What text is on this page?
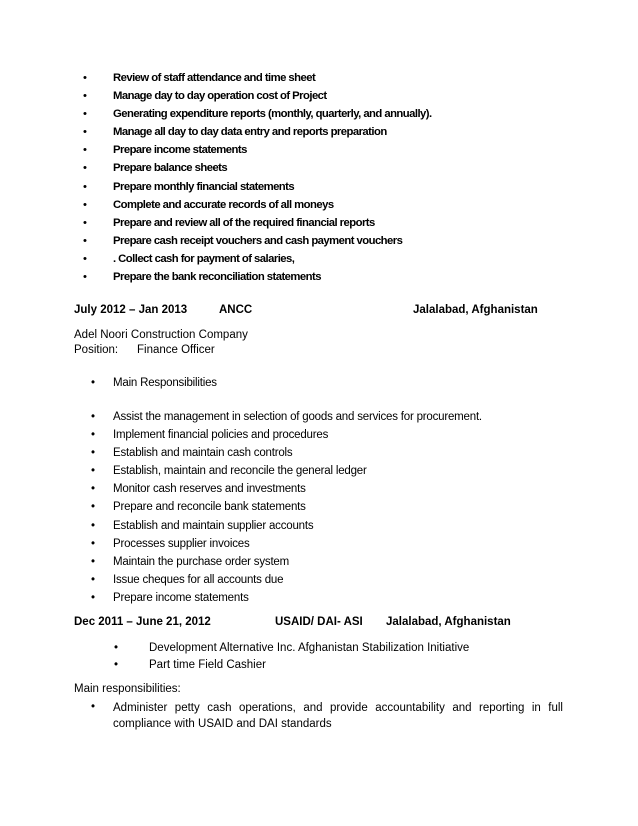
• Review of staff attendance and time sheet
• Manage day to day operation cost of Project
• Generating expenditure reports (monthly, quarterly, and annually).
• Manage all day to day data entry and reports preparation
• Prepare income statements
• Prepare balance sheets
• Prepare monthly financial statements
• Complete and accurate records of all moneys
• Prepare and review all of the required financial reports
• Prepare cash receipt vouchers and cash payment vouchers
• . Collect cash for payment of salaries,
• Prepare the bank reconciliation statements
July 2012 – Jan 2013	ANCC	Jalalabad, Afghanistan
Adel Noori Construction Company
Position: Finance Officer
• Main Responsibilities
• Assist the management in selection of goods and services for procurement.
• Implement financial policies and procedures
• Establish and maintain cash controls
• Establish, maintain and reconcile the general ledger
• Monitor cash reserves and investments
• Prepare and reconcile bank statements
• Establish and maintain supplier accounts
• Processes supplier invoices
• Maintain the purchase order system
• Issue cheques for all accounts due
• Prepare income statements
Dec 2011 – June 21, 2012	USAID/ DAI- ASI Jalalabad, Afghanistan
•	Development Alternative Inc. Afghanistan Stabilization Initiative
•	Part time Field Cashier
Main responsibilities:
• Administer petty cash operations, and provide accountability and reporting in full compliance with USAID and DAI standards
